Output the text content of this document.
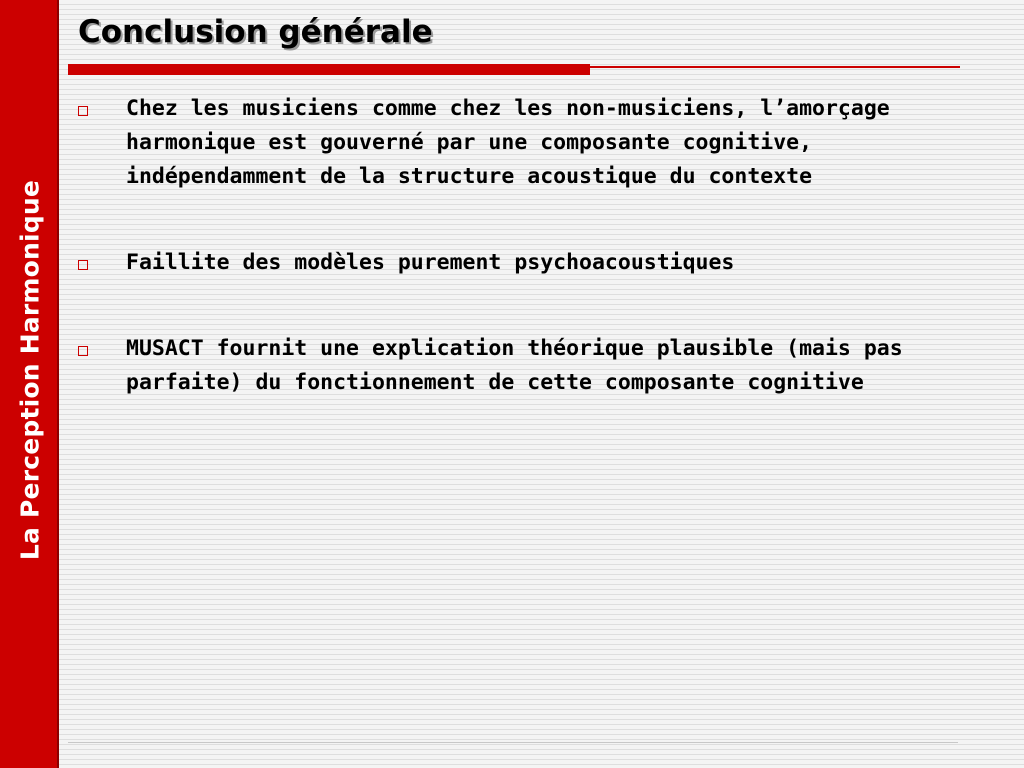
La Perception Harmonique
Conclusion générale
Chez les musiciens comme chez les non-musiciens, l’amorçage harmonique est gouverné par une composante cognitive, indépendamment de la structure acoustique du contexte
Faillite des modèles purement psychoacoustiques
MUSACT fournit une explication théorique plausible (mais pas parfaite) du fonctionnement de cette composante cognitive
